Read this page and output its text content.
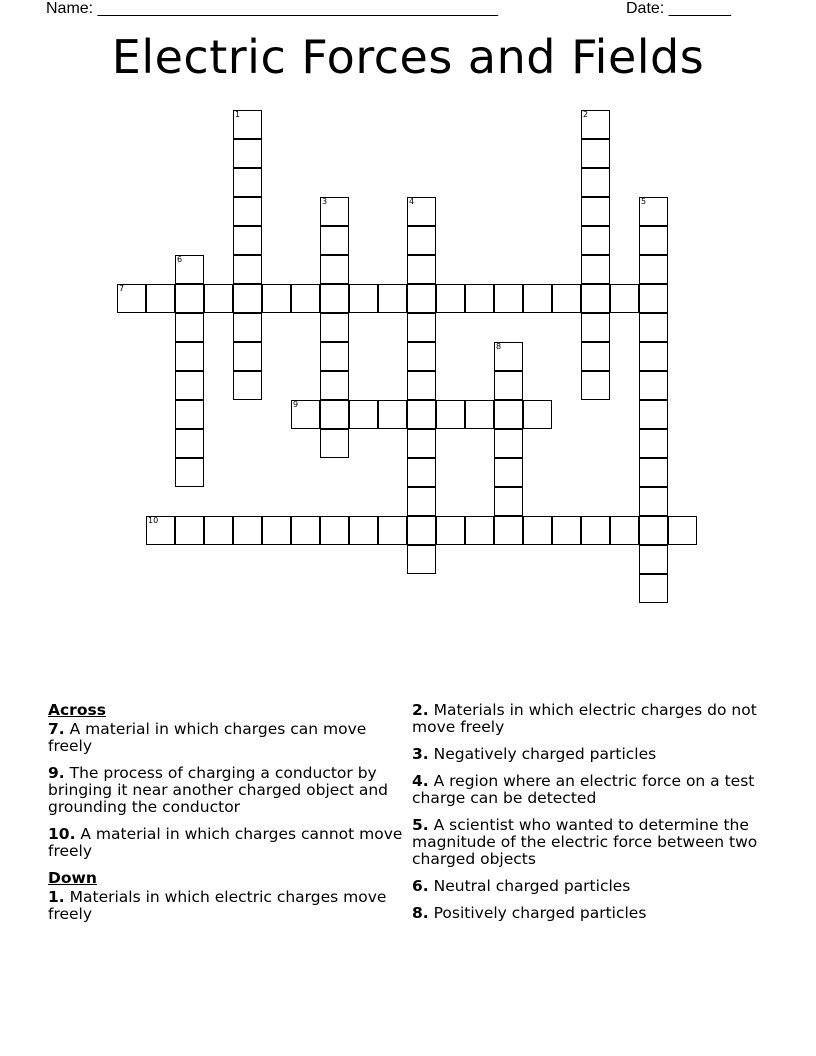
Name: _____________________________________________	Date: _______
Electric Forces and Fields
1	2
3	4	5
6
7
8
9
10
Across
7. A material in which charges can move freely
9. The process of charging a conductor by bringing it near another charged object and grounding the conductor
10. A material in which charges cannot move freely
Down
1. Materials in which electric charges move freely
2. Materials in which electric charges do not move freely
3. Negatively charged particles
4. A region where an electric force on a test charge can be detected
5. A scientist who wanted to determine the magnitude of the electric force between two charged objects
6. Neutral charged particles
8. Positively charged particles
